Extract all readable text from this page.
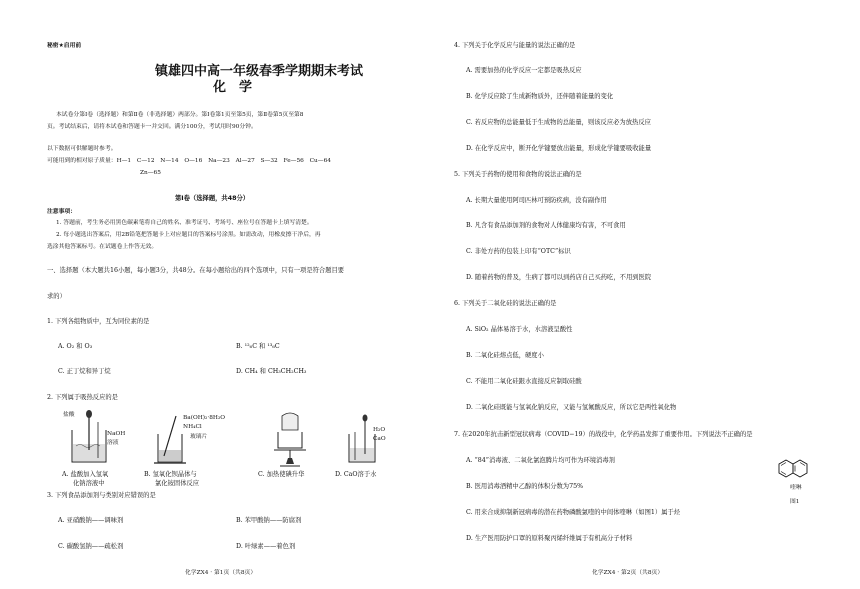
秘密★启用前
镇雄四中高一年级春季学期期末考试
化　学
本试卷分第Ⅰ卷（选择题）和第Ⅱ卷（非选择题）两部分。第Ⅰ卷第1页至第5页，第Ⅱ卷第5页至第8
页。考试结束后，请将本试卷和答题卡一并交回。满分100分，考试用时90分钟。
以下数据可供解题时参考。
可能用到的相对原子质量：H—1　C—12　N—14　O—16　Na—23　Al—27　S—32　Fe—56　Cu—64
Zn—65
第Ⅰ卷（选择题，共48分）
注意事项：
1. 答题前，考生务必用黑色碳素笔将自己的姓名、准考证号、考场号、座位号在答题卡上填写清楚。
2. 每小题选出答案后，用2B铅笔把答题卡上对应题目的答案标号涂黑。如需改动，用橡皮擦干净后，再
选涂其他答案标号。在试题卷上作答无效。
一、选择题（本大题共16小题，每小题3分，共48分。在每小题给出的四个选项中，只有一项是符合题目要
求的）
1. 下列各组物质中，互为同位素的是
A. O₂ 和 O₃	B. ¹²₆C 和 ¹³₆C
C. 正丁烷和异丁烷	D. CH₄ 和 CH₃CH₂CH₃
2. 下列属于吸热反应的是
盐酸
NaOH
溶液
Ba(OH)₂·8H₂O
NH₄Cl
玻璃片
H₂O
CaO
A. 盐酸加入氢氧
化钠溶液中
B. 氢氧化钡晶体与
氯化铵固体反应
C. 加热使碘升华	D. CaO溶于水
3. 下列食品添加剂与类别对应错误的是
A. 亚硝酸钠——调味剂	B. 苯甲酸钠——防腐剂
C. 碳酸氢钠——疏松剂	D. 叶绿素——着色剂
化学ZX4 · 第1页（共8页）
4. 下列关于化学反应与能量的说法正确的是
A. 需要加热的化学反应一定都是吸热反应
B. 化学反应除了生成新物质外，还伴随着能量的变化
C. 若反应物的总能量低于生成物的总能量，则该反应必为放热反应
D. 在化学反应中，断开化学键要放出能量，形成化学键要吸收能量
5. 下列关于药物的使用和食物的说法正确的是
A. 长期大量使用阿司匹林可预防疾病，没有副作用
B. 凡含有食品添加剂的食物对人体健康均有害，不可食用
C. 非处方药的包装上印有“OTC”标识
D. 随着药物的普及，生病了都可以到药店自己买药吃，不用到医院
6. 下列关于二氧化硅的说法正确的是
A. SiO₂ 晶体易溶于水，水溶液呈酸性
B. 二氧化硅熔点低，硬度小
C. 不能用二氧化硅跟水直接反应制取硅酸
D. 二氧化硅既能与氢氧化钠反应，又能与氢氟酸反应，所以它是两性氧化物
7. 在2020年抗击新型冠状病毒（COVID−19）的战役中，化学药品发挥了重要作用。下列说法不正确的是
A. “84”消毒液、二氧化氯泡腾片均可作为环境消毒剂
B. 医用消毒酒精中乙醇的体积分数为75%
C. 用来合成抑制新冠病毒的潜在药物磷酸氯喹的中间体喹啉（如图1）属于烃
D. 生产医用防护口罩的原料聚丙烯纤维属于有机高分子材料
喹啉
图1
化学ZX4 · 第2页（共8页）
